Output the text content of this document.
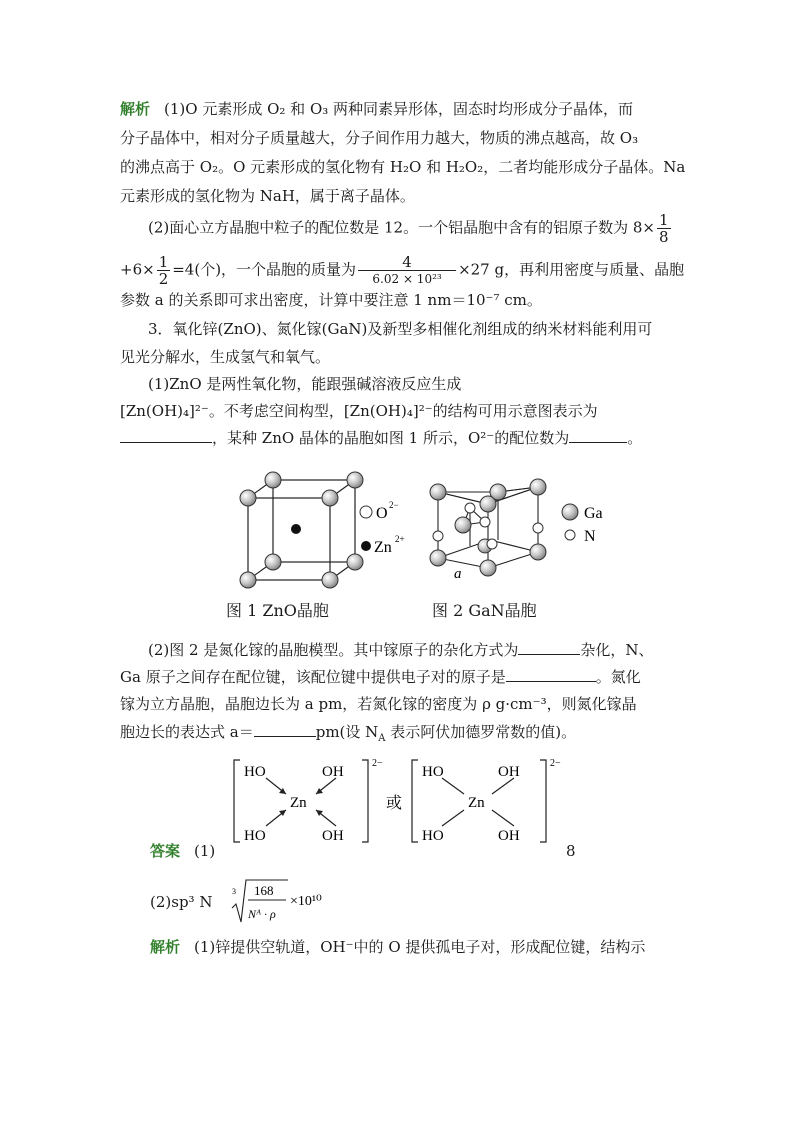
解析 (1)O 元素形成 O₂ 和 O₃ 两种同素异形体，固态时均形成分子晶体，而
分子晶体中，相对分子质量越大，分子间作用力越大，物质的沸点越高，故 O₃
的沸点高于 O₂。O 元素形成的氢化物有 H₂O 和 H₂O₂，二者均能形成分子晶体。Na
元素形成的氢化物为 NaH，属于离子晶体。
(2)面心立方晶胞中粒子的配位数是 12。一个铝晶胞中含有的铝原子数为 $8\times \frac{1}{8}$
$+6\times \frac{1}{2} =4$(个)，一个晶胞的质量为 $\frac{4}{\text{6.02 × 10²³}} \times 27$ g，再利用密度与质量、晶胞
参数 a 的关系即可求出密度，计算中要注意 1 nm＝10⁻⁷ cm。
3．氧化锌(ZnO)、氮化镓(GaN)及新型多相催化剂组成的纳米材料能利用可
见光分解水，生成氢气和氧气。
(1)ZnO 是两性氧化物，能跟强碱溶液反应生成
[Zn(OH)₄]²⁻。不考虑空间构型，[Zn(OH)₄]²⁻的结构可用示意图表示为
，某种 ZnO 晶体的晶胞如图 1 所示，O²⁻的配位数为	。
O 2−
Zn 2+
a
Ga
N
图 1 ZnO晶胞	图 2 GaN晶胞
(2)图 2 是氮化镓的晶胞模型。其中镓原子的杂化方式为	杂化，N、
Ga 原子之间存在配位键，该配位键中提供电子对的原子是	。氮化
镓为立方晶胞，晶胞边长为 a pm，若氮化镓的密度为 ρ g·cm⁻³，则氮化镓晶
胞边长的表达式 a＝	pm(设 $N_A$ 表示阿伏加德罗常数的值)。
HO	OH
Zn
HO	OH
2−
或
HO	OH
Zn
HO	OH
2−
答案 (1)	8
(2)sp³ N
3 168
Nᴬ · ρ
×10¹⁰
解析 (1)锌提供空轨道，OH⁻中的 O 提供孤电子对，形成配位键，结构示
